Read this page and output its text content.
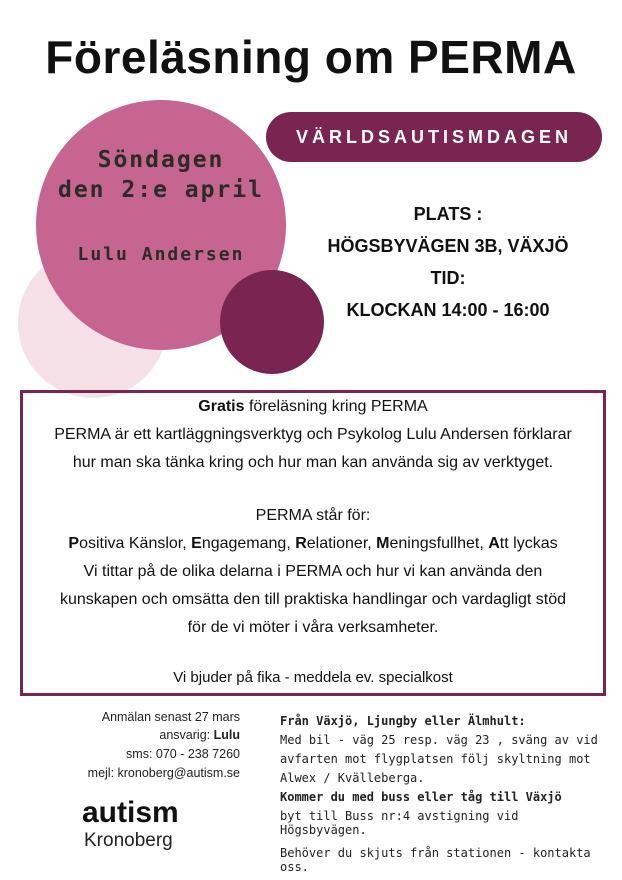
Föreläsning om PERMA
Söndagen
den 2:e april
Lulu Andersen
VÄRLDSAUTISMDAGEN
PLATS :
HÖGSBYVÄGEN 3B, VÄXJÖ
TID:
KLOCKAN 14:00 - 16:00
Gratis föreläsning kring PERMA
PERMA är ett kartläggningsverktyg och Psykolog Lulu Andersen förklarar
hur man ska tänka kring och hur man kan använda sig av verktyget.
PERMA står för:
Positiva Känslor, Engagemang, Relationer, Meningsfullhet, Att lyckas
Vi tittar på de olika delarna i PERMA och hur vi kan använda den
kunskapen och omsätta den till praktiska handlingar och vardagligt stöd
för de vi möter i våra verksamheter.
Vi bjuder på fika - meddela ev. specialkost
Anmälan senast 27 mars
ansvarig: Lulu
sms: 070 - 238 7260
mejl: kronoberg@autism.se
autism
Kronoberg
Från Växjö, Ljungby eller Älmhult:
Med bil - väg 25 resp. väg 23 , sväng av vid
avfarten mot flygplatsen följ skyltning mot
Alwex / Kvälleberga.
Kommer du med buss eller tåg till Växjö
byt till Buss nr:4 avstigning vid Högsbyvägen.
Behöver du skjuts från stationen - kontakta oss.
